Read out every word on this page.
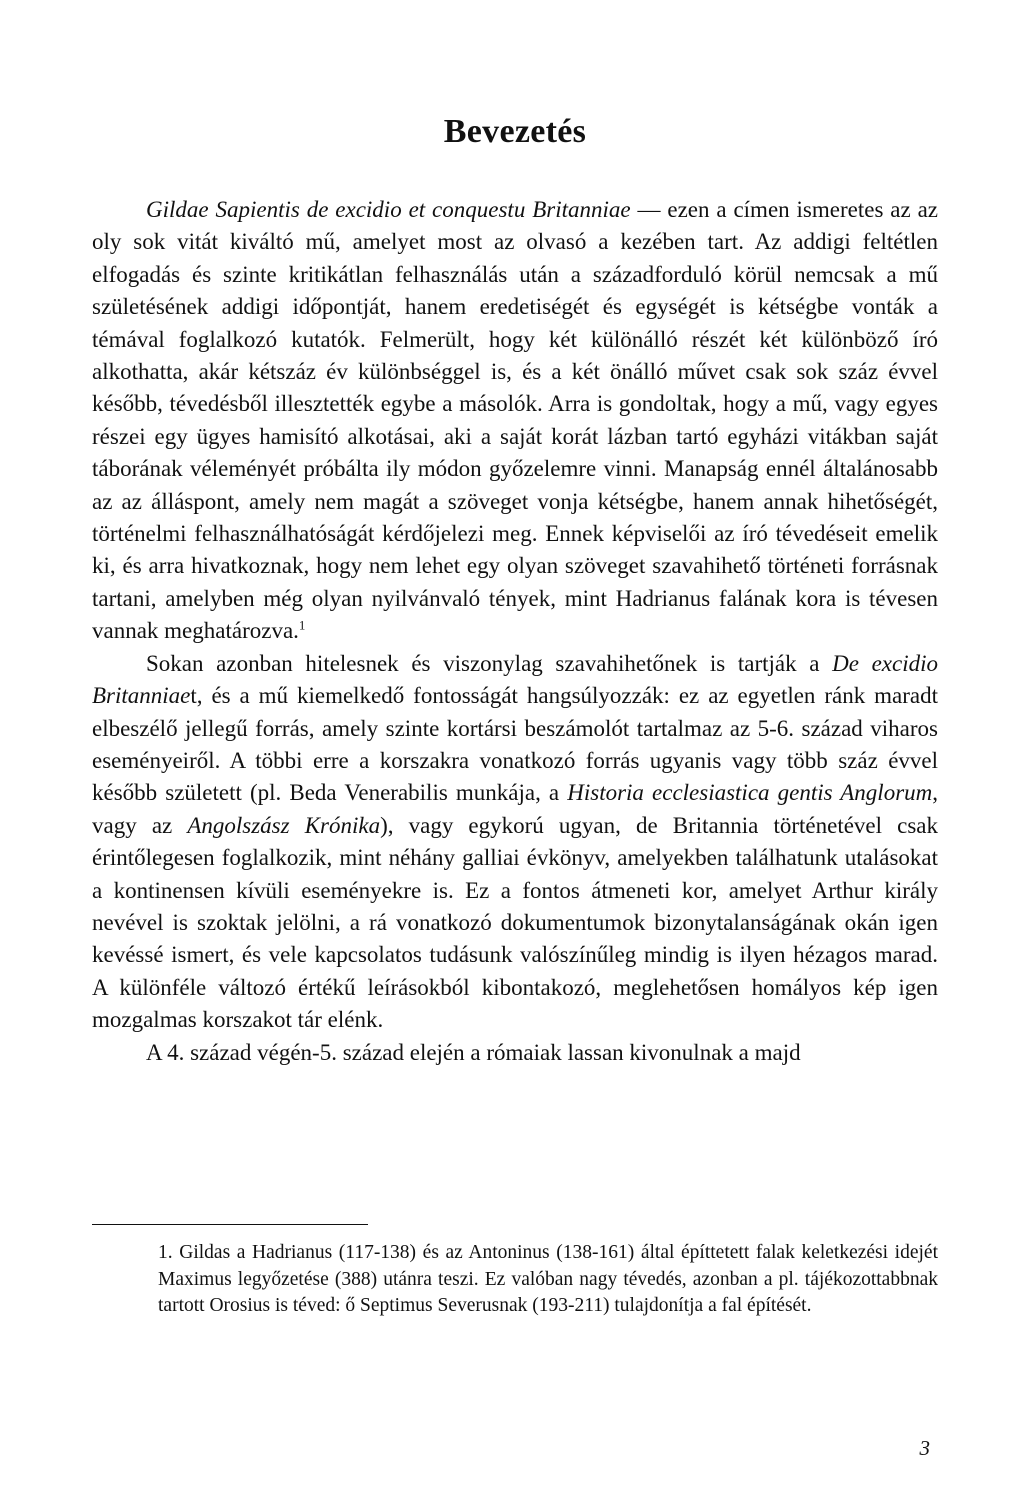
Bevezetés

Gildae Sapientis de excidio et conquestu Britanniae — ezen a címen ismeretes az az oly sok vitát kiváltó mű, amelyet most az olvasó a kezében tart. Az addigi feltétlen elfogadás és szinte kritikátlan felhasználás után a századforduló körül nemcsak a mű születésének addigi időpontját, hanem eredetiségét és egységét is kétségbe vonták a témával foglalkozó kutatók. Felmerült, hogy két különálló részét két különböző író alkothatta, akár kétszáz év különbséggel is, és a két önálló művet csak sok száz évvel később, tévedésből illesztették egybe a másolók. Arra is gondoltak, hogy a mű, vagy egyes részei egy ügyes hamisító alkotásai, aki a saját korát lázban tartó egyházi vitákban saját táborának véleményét próbálta ily módon győzelemre vinni. Manapság ennél általánosabb az az álláspont, amely nem magát a szöveget vonja kétségbe, hanem annak hihetőségét, történelmi felhasználhatóságát kérdőjelezi meg. Ennek képviselői az író tévedéseit emelik ki, és arra hivatkoznak, hogy nem lehet egy olyan szöveget szavahihető történeti forrásnak tartani, amelyben még olyan nyilvánvaló tények, mint Hadrianus falának kora is tévesen vannak meghatározva.$^1$

Sokan azonban hitelesnek és viszonylag szavahihetőnek is tartják a De excidio Britanniaet, és a mű kiemelkedő fontosságát hangsúlyozzák: ez az egyetlen ránk maradt elbeszélő jellegű forrás, amely szinte kortársi beszámolót tartalmaz az 5-6. század viharos eseményeiről. A többi erre a korszakra vonatkozó forrás ugyanis vagy több száz évvel később született (pl. Beda Venerabilis munkája, a Historia ecclesiastica gentis Anglorum, vagy az Angolszász Krónika), vagy egykorú ugyan, de Britannia történetével csak érintőlegesen foglalkozik, mint néhány galliai évkönyv, amelyekben találhatunk utalásokat a kontinensen kívüli eseményekre is. Ez a fontos átmeneti kor, amelyet Arthur király nevével is szoktak jelölni, a rá vonatkozó dokumentumok bizonytalanságának okán igen kevéssé ismert, és vele kapcsolatos tudásunk valószínűleg mindig is ilyen hézagos marad. A különféle változó értékű leírásokból kibontakozó, meglehetősen homályos kép igen mozgalmas korszakot tár elénk.

A 4. század végén-5. század elején a rómaiak lassan kivonulnak a majd

1. Gildas a Hadrianus (117-138) és az Antoninus (138-161) által építtetett falak keletkezési idejét Maximus legyőzetése (388) utánra teszi. Ez valóban nagy tévedés, azonban a pl. tájékozottabbnak tartott Orosius is téved: ő Septimus Severusnak (193-211) tulajdonítja a fal építését.

3
